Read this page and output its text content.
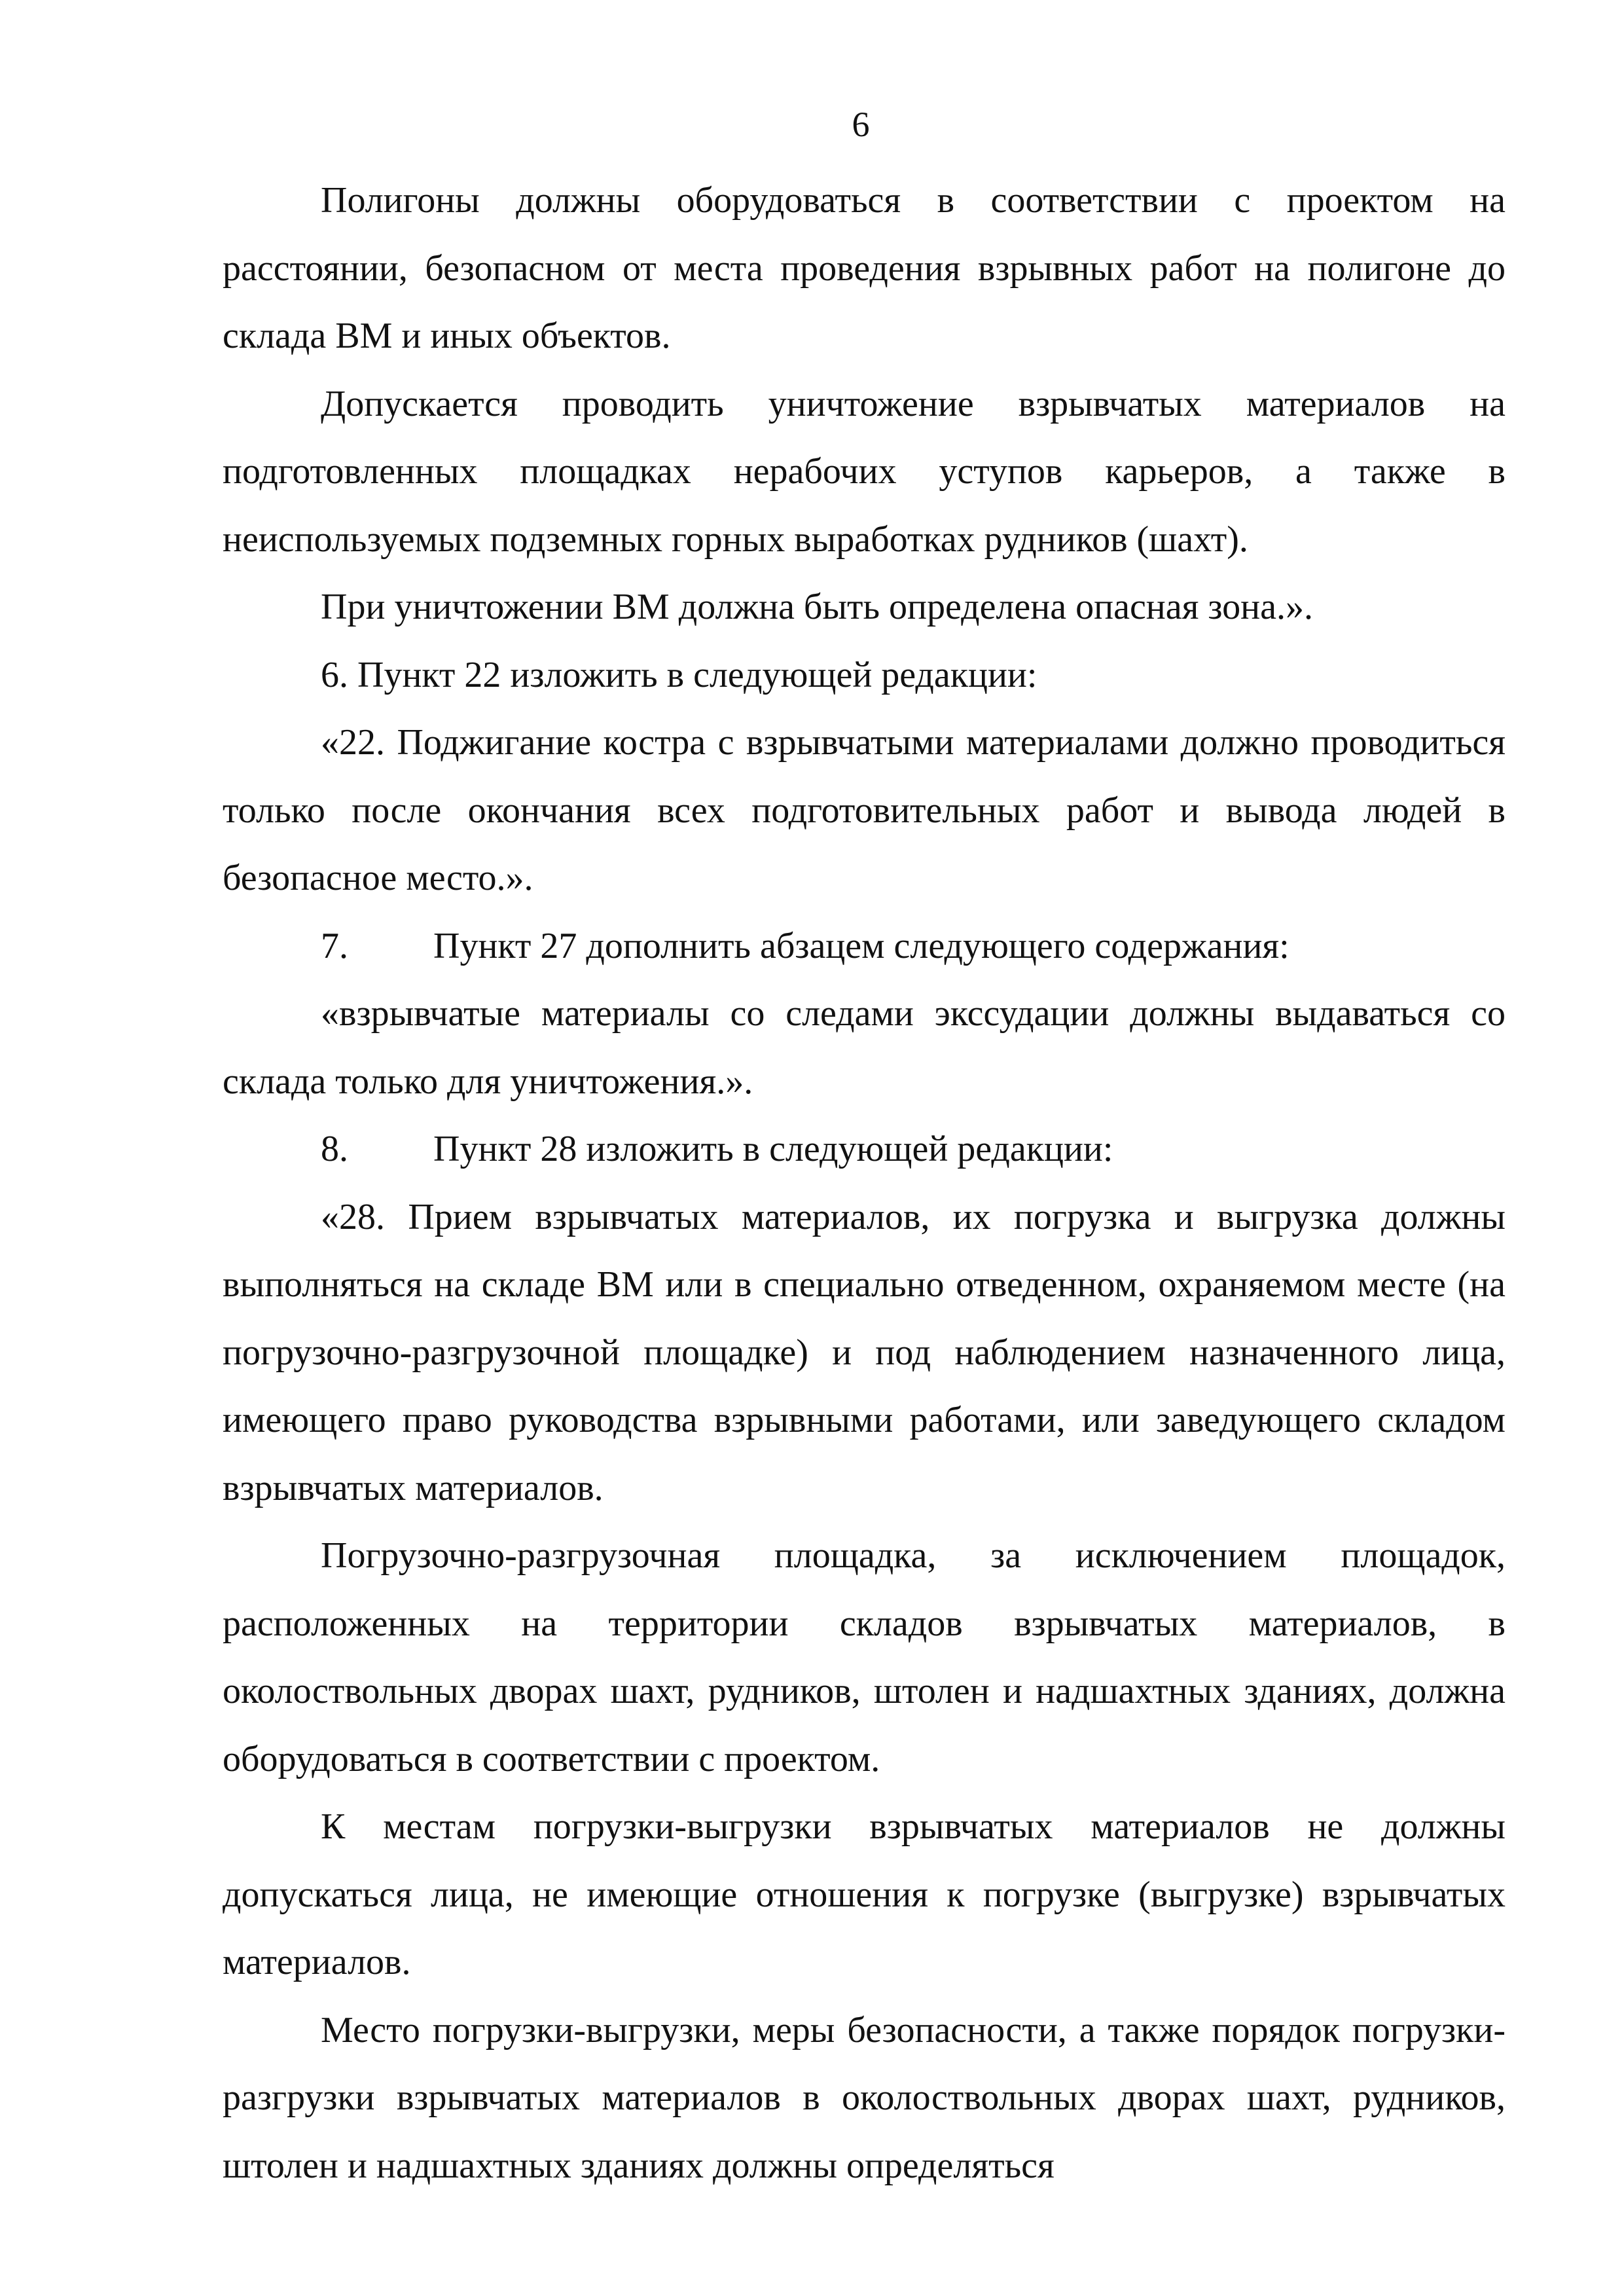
6

Полигоны должны оборудоваться в соответствии с проектом на расстоянии, безопасном от места проведения взрывных работ на полигоне до склада ВМ и иных объектов.

Допускается проводить уничтожение взрывчатых материалов на подготовленных площадках нерабочих уступов карьеров, а также в неиспользуемых подземных горных выработках рудников (шахт).

При уничтожении ВМ должна быть определена опасная зона.».

6. Пункт 22 изложить в следующей редакции:

«22. Поджигание костра с взрывчатыми материалами должно проводиться только после окончания всех подготовительных работ и вывода людей в безопасное место.».

7. Пункт 27 дополнить абзацем следующего содержания:

«взрывчатые материалы со следами экссудации должны выдаваться со склада только для уничтожения.».

8. Пункт 28 изложить в следующей редакции:

«28. Прием взрывчатых материалов, их погрузка и выгрузка должны выполняться на складе ВМ или в специально отведенном, охраняемом месте (на погрузочно-разгрузочной площадке) и под наблюдением назначенного лица, имеющего право руководства взрывными работами, или заведующего складом взрывчатых материалов.

Погрузочно-разгрузочная площадка, за исключением площадок, расположенных на территории складов взрывчатых материалов, в околоствольных дворах шахт, рудников, штолен и надшахтных зданиях, должна оборудоваться в соответствии с проектом.

К местам погрузки-выгрузки взрывчатых материалов не должны допускаться лица, не имеющие отношения к погрузке (выгрузке) взрывчатых материалов.

Место погрузки-выгрузки, меры безопасности, а также порядок погрузки-разгрузки взрывчатых материалов в околоствольных дворах шахт, рудников, штолен и надшахтных зданиях должны определяться
